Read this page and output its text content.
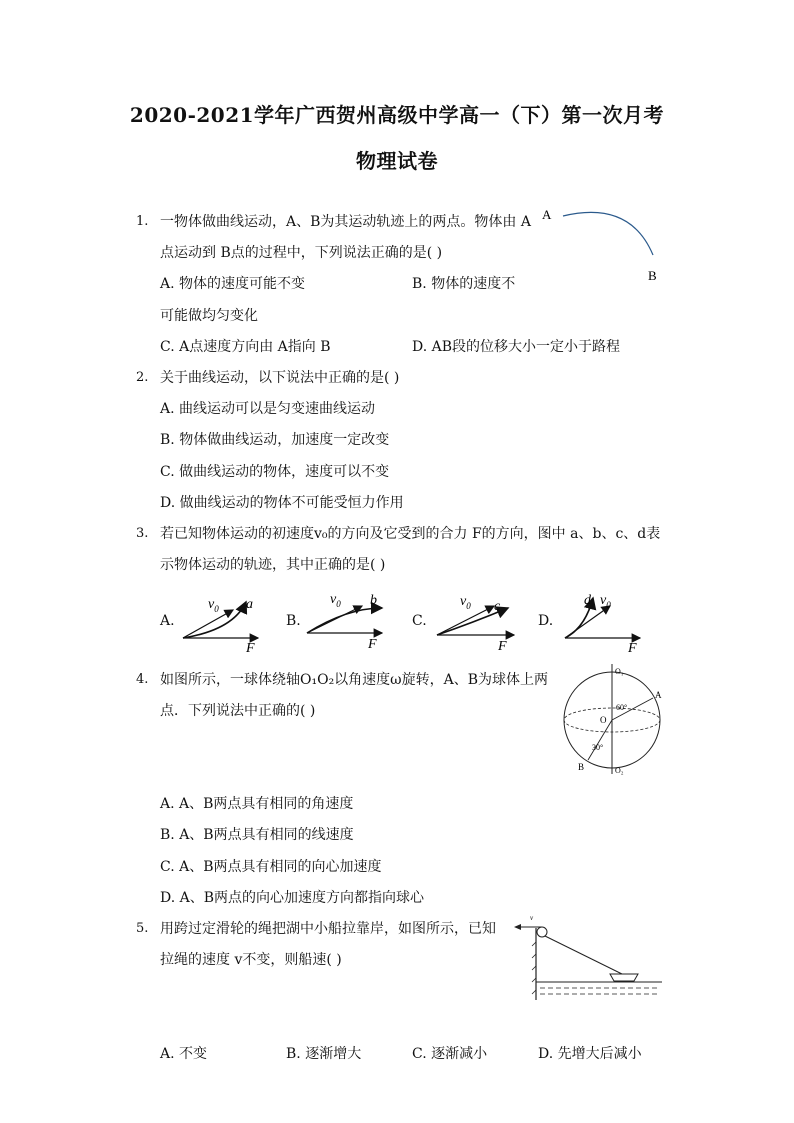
2020-2021学年广西贺州高级中学高一（下）第一次月考
物理试卷
1. 一物体做曲线运动，A、B为其运动轨迹上的两点。物体由 A
点运动到 B点的过程中，下列说法正确的是( )
A. 物体的速度可能不变	B. 物体的速度不
可能做均匀变化
C. A点速度方向由 A指向 B	D. AB段的位移大小一定小于路程
A
B
2. 关于曲线运动，以下说法中正确的是( )
A. 曲线运动可以是匀变速曲线运动
B. 物体做曲线运动，加速度一定改变
C. 做曲线运动的物体，速度可以不变
D. 做曲线运动的物体不可能受恒力作用
3. 若已知物体运动的初速度v₀的方向及它受到的合力 F的方向，图中 a、b、c、d表
示物体运动的轨迹，其中正确的是( )
A.	B.	C.	D.
$v_0$ a
F
$v_0$ b
F
$v_0$ c
F
d $v_0$
F
4. 如图所示，一球体绕轴O₁O₂以角速度ω旋转，A、B为球体上两
点．下列说法中正确的( )
A. A、B两点具有相同的角速度
B. A、B两点具有相同的线速度
C. A、B两点具有相同的向心加速度
D. A、B两点的向心加速度方向都指向球心
O₁
O₂
O
A
B
60°
30°
5. 用跨过定滑轮的绳把湖中小船拉靠岸，如图所示，已知
拉绳的速度 v不变，则船速( )
v
A. 不变	B. 逐渐增大	C. 逐渐减小	D. 先增大后减小
